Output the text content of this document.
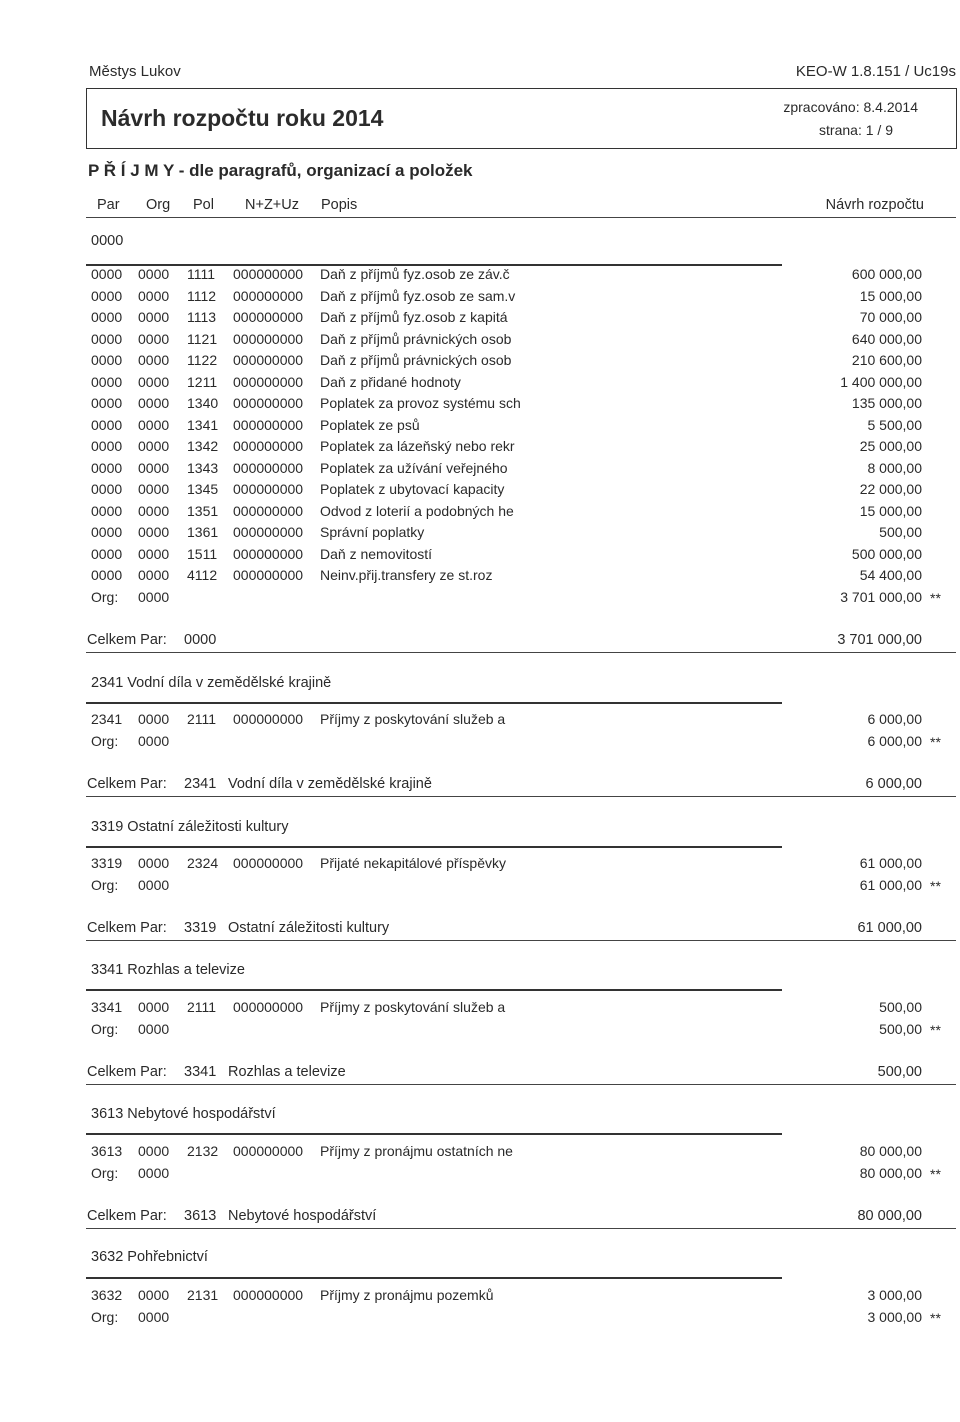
Městys Lukov	KEO-W 1.8.151 / Uc19s
Návrh rozpočtu roku 2014	zpracováno: 8.4.2014
strana: 1 / 9
P Ř Í J M Y - dle paragrafů, organizací a položek
Par Org Pol N+Z+Uz Popis	Návrh rozpočtu
0000
0000 0000 1111 000000000 Daň z příjmů fyz.osob ze záv.č	600 000,00
0000 0000 1112 000000000 Daň z příjmů fyz.osob ze sam.v	15 000,00
0000 0000 1113 000000000 Daň z příjmů fyz.osob z kapitá	70 000,00
0000 0000 1121 000000000 Daň z příjmů právnických osob	640 000,00
0000 0000 1122 000000000 Daň z příjmů právnických osob	210 600,00
0000 0000 1211 000000000 Daň z přidané hodnoty	1 400 000,00
0000 0000 1340 000000000 Poplatek za provoz systému sch	135 000,00
0000 0000 1341 000000000 Poplatek ze psů	5 500,00
0000 0000 1342 000000000 Poplatek za lázeňský nebo rekr	25 000,00
0000 0000 1343 000000000 Poplatek za užívání veřejného	8 000,00
0000 0000 1345 000000000 Poplatek z ubytovací kapacity	22 000,00
0000 0000 1351 000000000 Odvod z loterií a podobných he	15 000,00
0000 0000 1361 000000000 Správní poplatky	500,00
0000 0000 1511 000000000 Daň z nemovitostí	500 000,00
0000 0000 4112 000000000 Neinv.přij.transfery ze st.roz	54 400,00
Org: 0000	3 701 000,00 **
Celkem Par: 0000	3 701 000,00
2341 Vodní díla v zemědělské krajině
2341 0000 2111 000000000 Příjmy z poskytování služeb a	6 000,00
Org: 0000	6 000,00 **
Celkem Par: 2341 Vodní díla v zemědělské krajině	6 000,00
3319 Ostatní záležitosti kultury
3319 0000 2324 000000000 Přijaté nekapitálové příspěvky	61 000,00
Org: 0000	61 000,00 **
Celkem Par: 3319 Ostatní záležitosti kultury	61 000,00
3341 Rozhlas a televize
3341 0000 2111 000000000 Příjmy z poskytování služeb a	500,00
Org: 0000	500,00 **
Celkem Par: 3341 Rozhlas a televize	500,00
3613 Nebytové hospodářství
3613 0000 2132 000000000 Příjmy z pronájmu ostatních ne	80 000,00
Org: 0000	80 000,00 **
Celkem Par: 3613 Nebytové hospodářství	80 000,00
3632 Pohřebnictví
3632 0000 2131 000000000 Příjmy z pronájmu pozemků	3 000,00
Org: 0000	3 000,00 **
